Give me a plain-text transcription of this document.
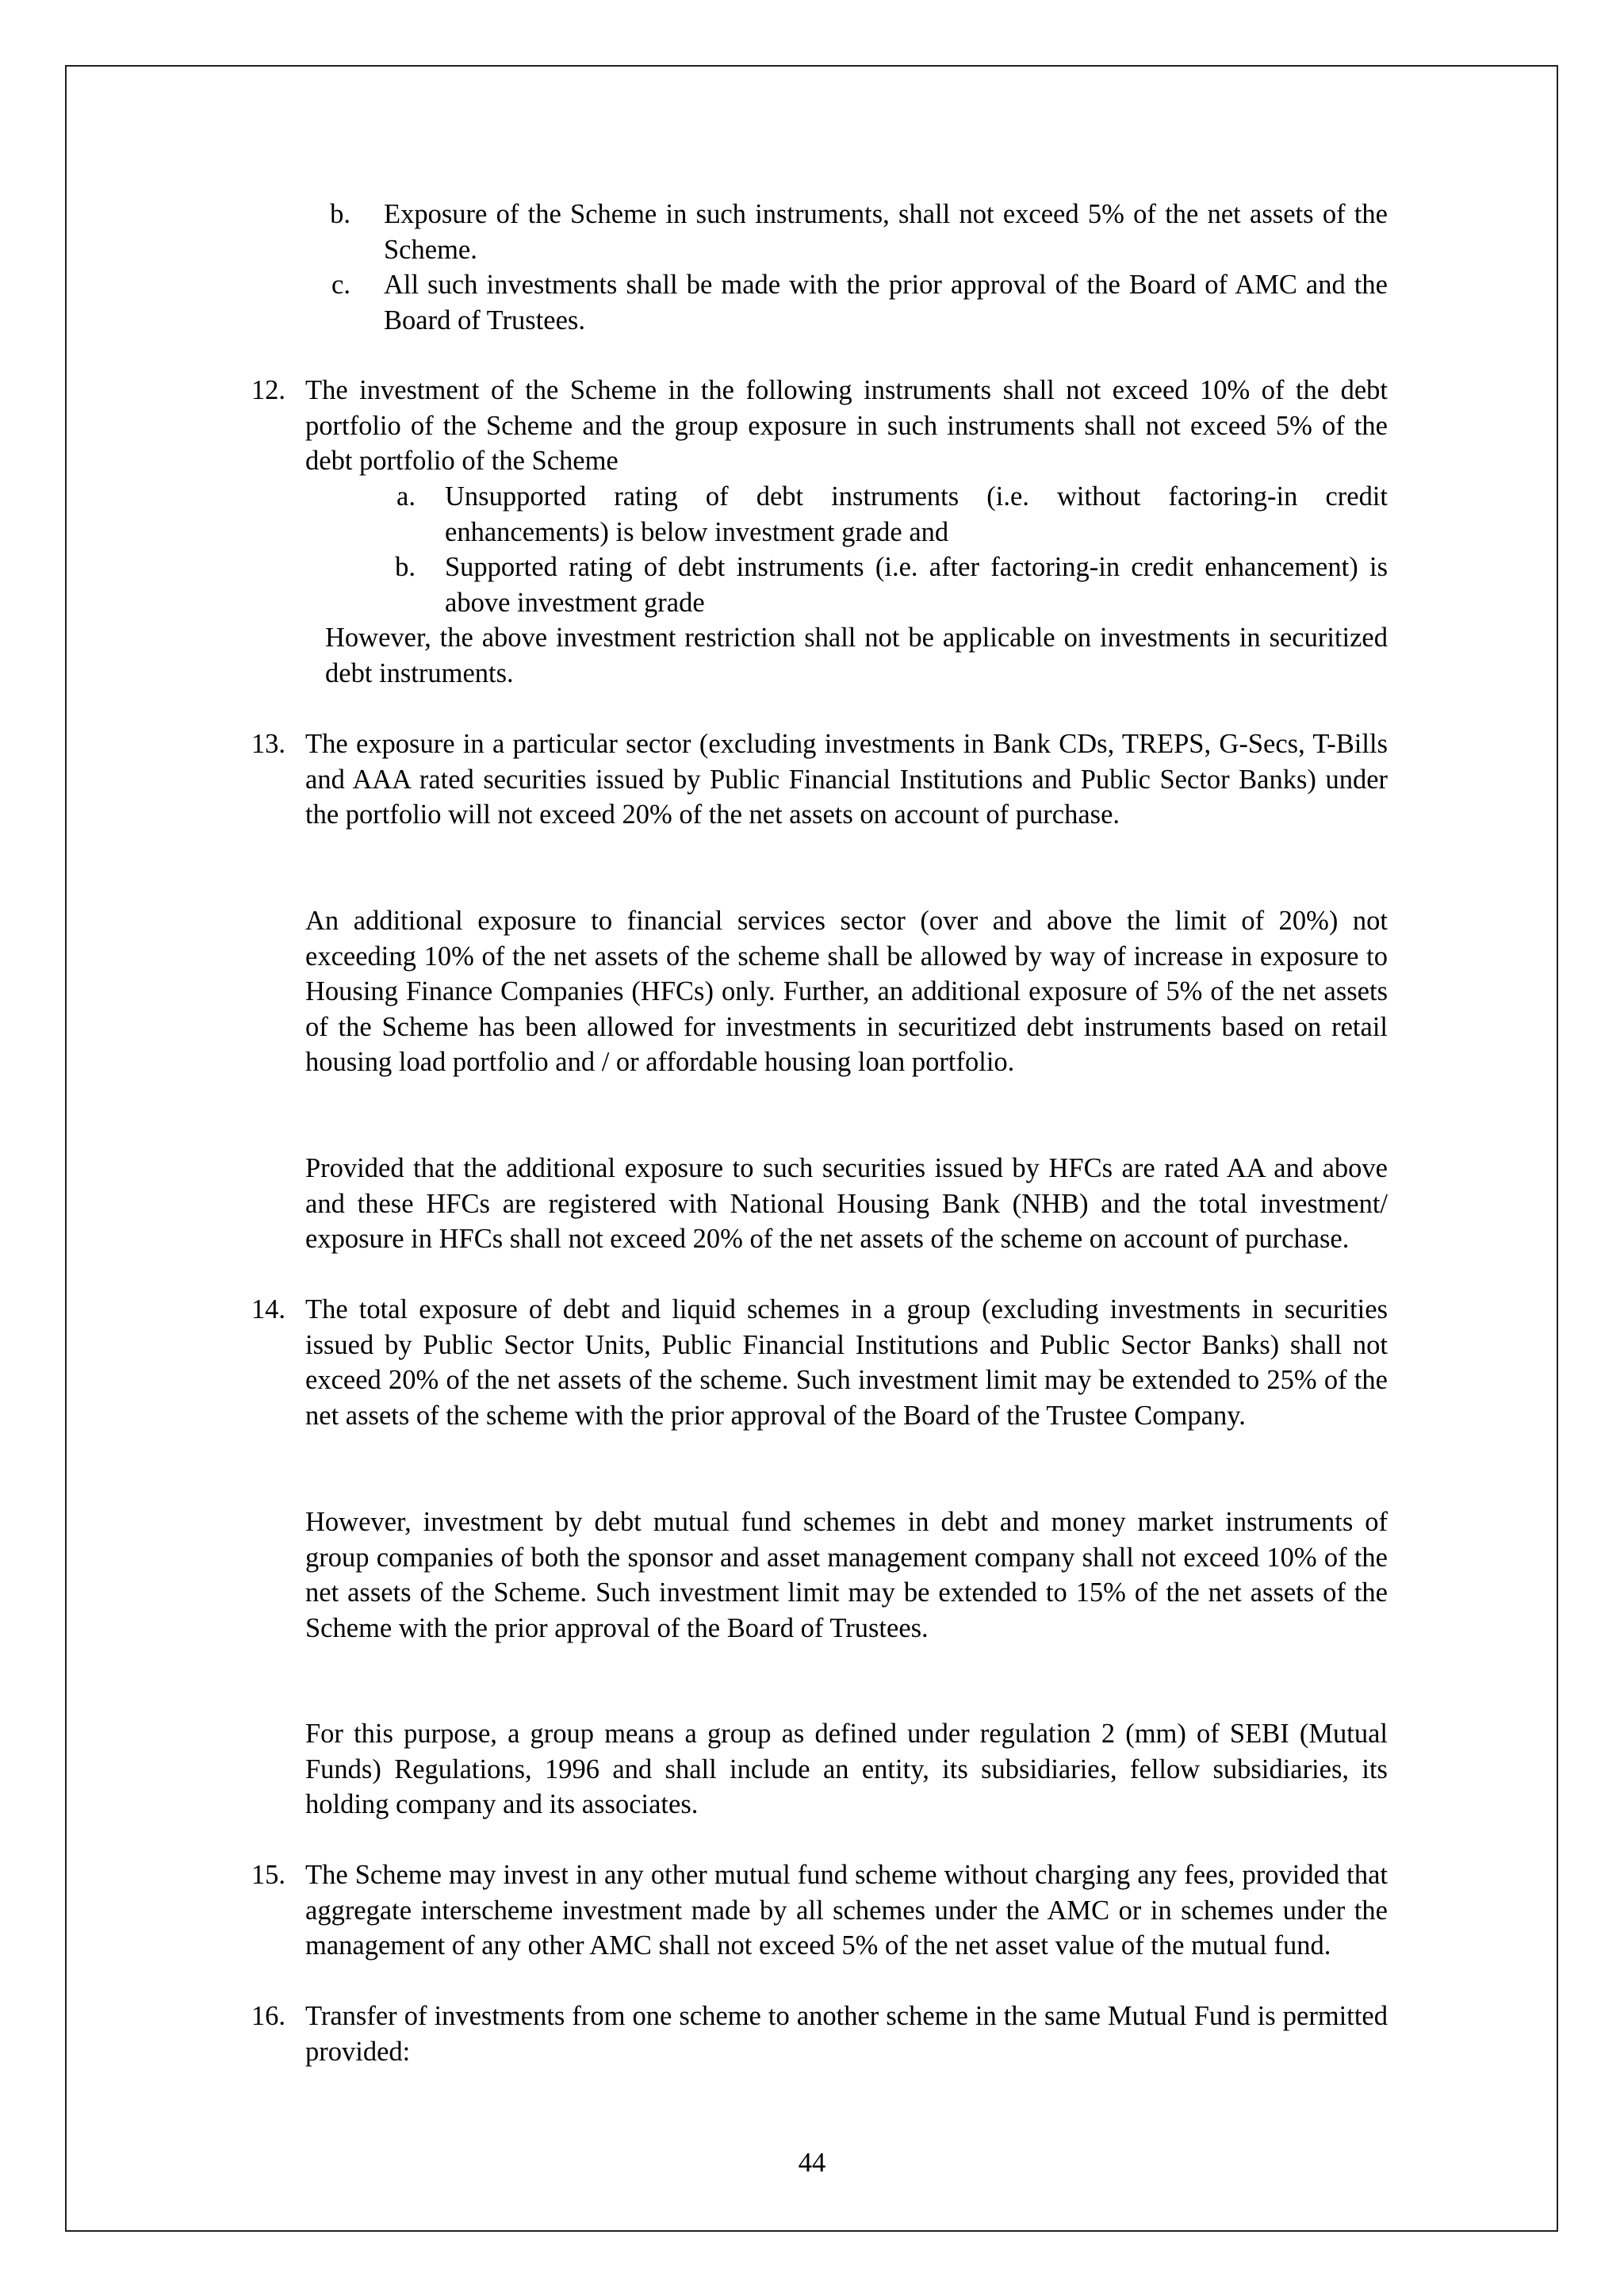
b. Exposure of the Scheme in such instruments, shall not exceed 5% of the net assets of the Scheme.

c. All such investments shall be made with the prior approval of the Board of AMC and the Board of Trustees.

12. The investment of the Scheme in the following instruments shall not exceed 10% of the debt portfolio of the Scheme and the group exposure in such instruments shall not exceed 5% of the debt portfolio of the Scheme

a. Unsupported rating of debt instruments (i.e. without factoring-in credit enhancements) is below investment grade and

b. Supported rating of debt instruments (i.e. after factoring-in credit enhancement) is above investment grade

However, the above investment restriction shall not be applicable on investments in securitized debt instruments.

13. The exposure in a particular sector (excluding investments in Bank CDs, TREPS, G-Secs, T-Bills and AAA rated securities issued by Public Financial Institutions and Public Sector Banks) under the portfolio will not exceed 20% of the net assets on account of purchase.

An additional exposure to financial services sector (over and above the limit of 20%) not exceeding 10% of the net assets of the scheme shall be allowed by way of increase in exposure to Housing Finance Companies (HFCs) only. Further, an additional exposure of 5% of the net assets of the Scheme has been allowed for investments in securitized debt instruments based on retail housing load portfolio and / or affordable housing loan portfolio.

Provided that the additional exposure to such securities issued by HFCs are rated AA and above and these HFCs are registered with National Housing Bank (NHB) and the total investment/ exposure in HFCs shall not exceed 20% of the net assets of the scheme on account of purchase.

14. The total exposure of debt and liquid schemes in a group (excluding investments in securities issued by Public Sector Units, Public Financial Institutions and Public Sector Banks) shall not exceed 20% of the net assets of the scheme. Such investment limit may be extended to 25% of the net assets of the scheme with the prior approval of the Board of the Trustee Company.

However, investment by debt mutual fund schemes in debt and money market instruments of group companies of both the sponsor and asset management company shall not exceed 10% of the net assets of the Scheme. Such investment limit may be extended to 15% of the net assets of the Scheme with the prior approval of the Board of Trustees.

For this purpose, a group means a group as defined under regulation 2 (mm) of SEBI (Mutual Funds) Regulations, 1996 and shall include an entity, its subsidiaries, fellow subsidiaries, its holding company and its associates.

15. The Scheme may invest in any other mutual fund scheme without charging any fees, provided that aggregate interscheme investment made by all schemes under the AMC or in schemes under the management of any other AMC shall not exceed 5% of the net asset value of the mutual fund.

16. Transfer of investments from one scheme to another scheme in the same Mutual Fund is permitted provided:

44
